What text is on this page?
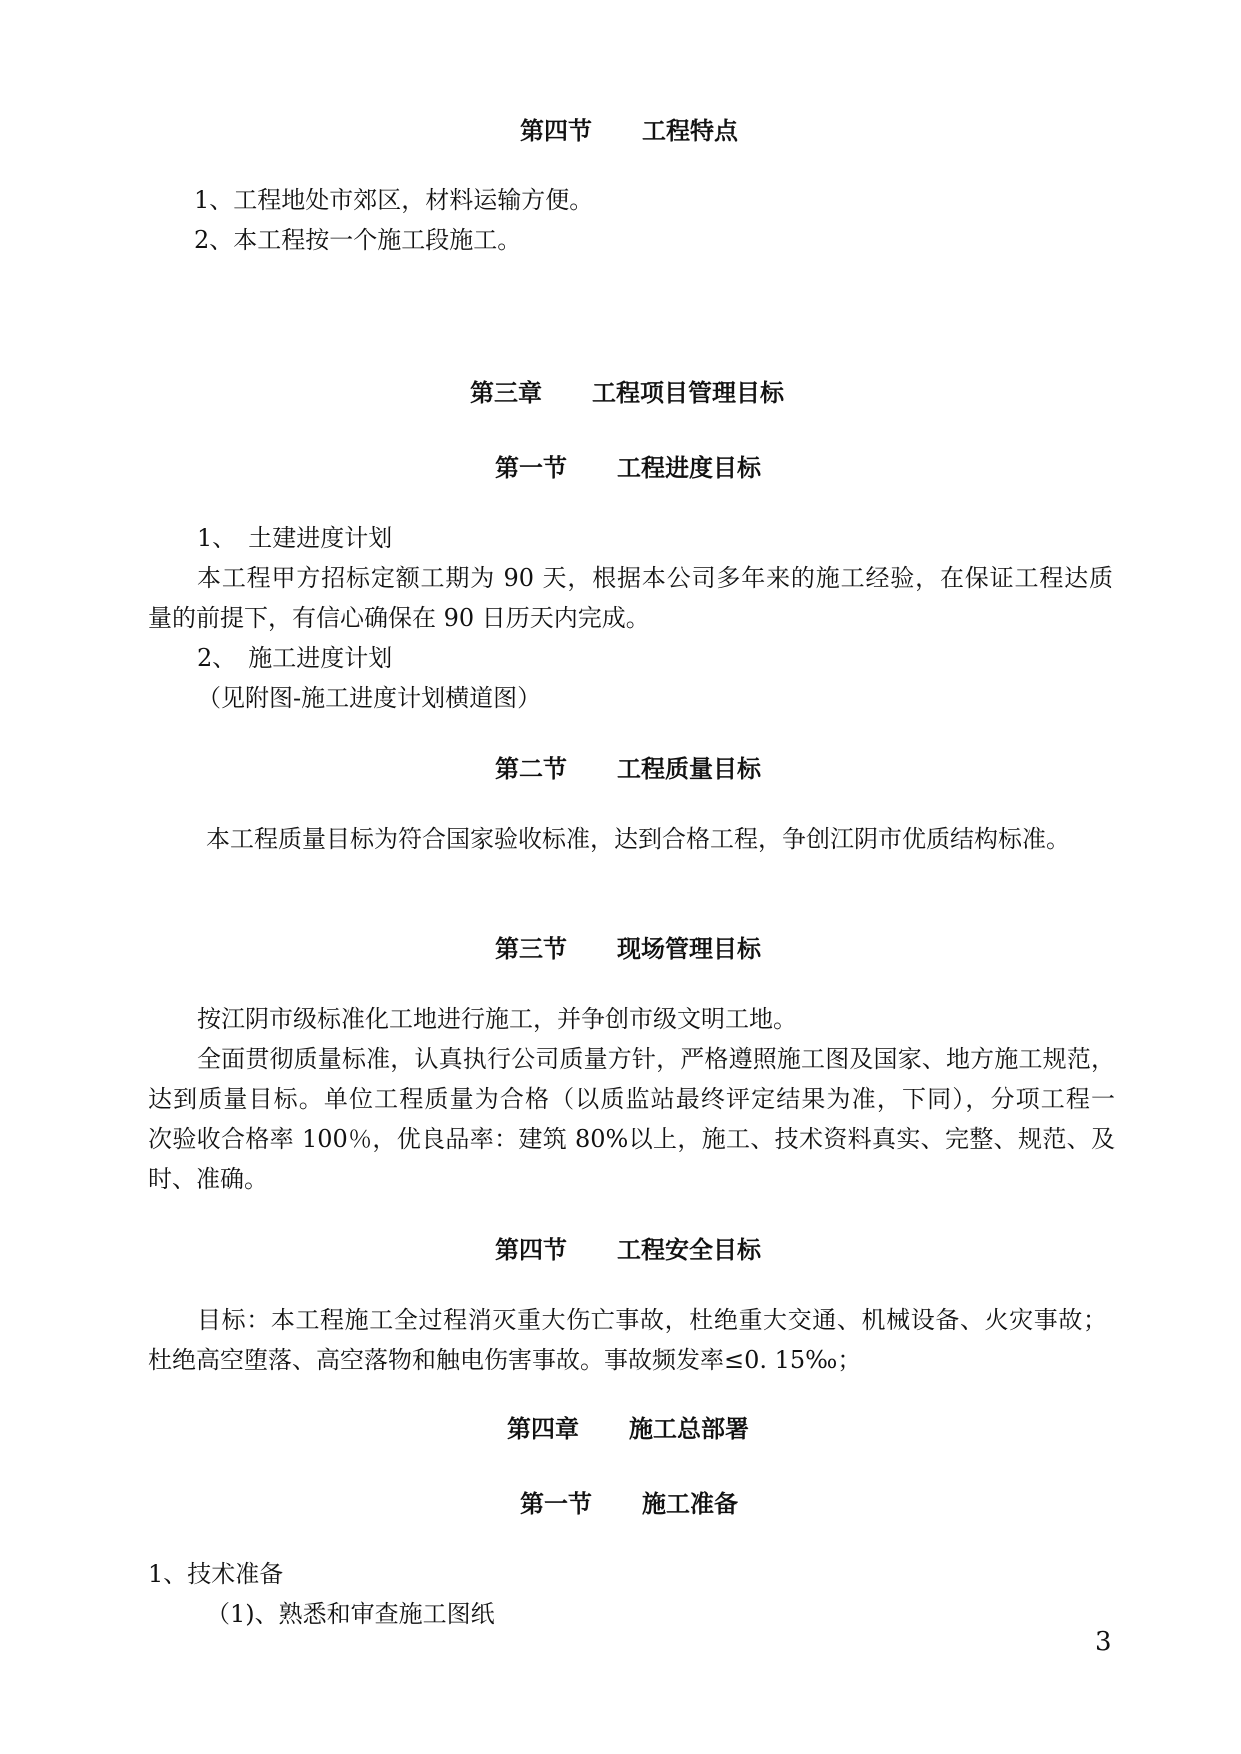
第四节 工程特点

1、工程地处市郊区，材料运输方便。

2、本工程按一个施工段施工。

第三章 工程项目管理目标
第一节 工程进度目标

1、　土建进度计划

本工程甲方招标定额工期为 90 天，根据本公司多年来的施工经验，在保证工程达质

量的前提下，有信心确保在 90 日历天内完成。

2、　施工进度计划

（见附图-施工进度计划横道图）

第二节 工程质量目标

本工程质量目标为符合国家验收标准，达到合格工程，争创江阴市优质结构标准。

第三节 现场管理目标

按江阴市级标准化工地进行施工，并争创市级文明工地。

全面贯彻质量标准，认真执行公司质量方针，严格遵照施工图及国家、地方施工规范，

达到质量目标。单位工程质量为合格（以质监站最终评定结果为准，下同），分项工程一

次验收合格率 100％，优良品率：建筑 80%以上，施工、技术资料真实、完整、规范、及

时、准确。

第四节 工程安全目标

目标：本工程施工全过程消灭重大伤亡事故，杜绝重大交通、机械设备、火灾事故；

杜绝高空堕落、高空落物和触电伤害事故。事故频发率≤0. 15‰；

第四章 施工总部署
第一节 施工准备

1、技术准备

（1)、熟悉和审查施工图纸

3
